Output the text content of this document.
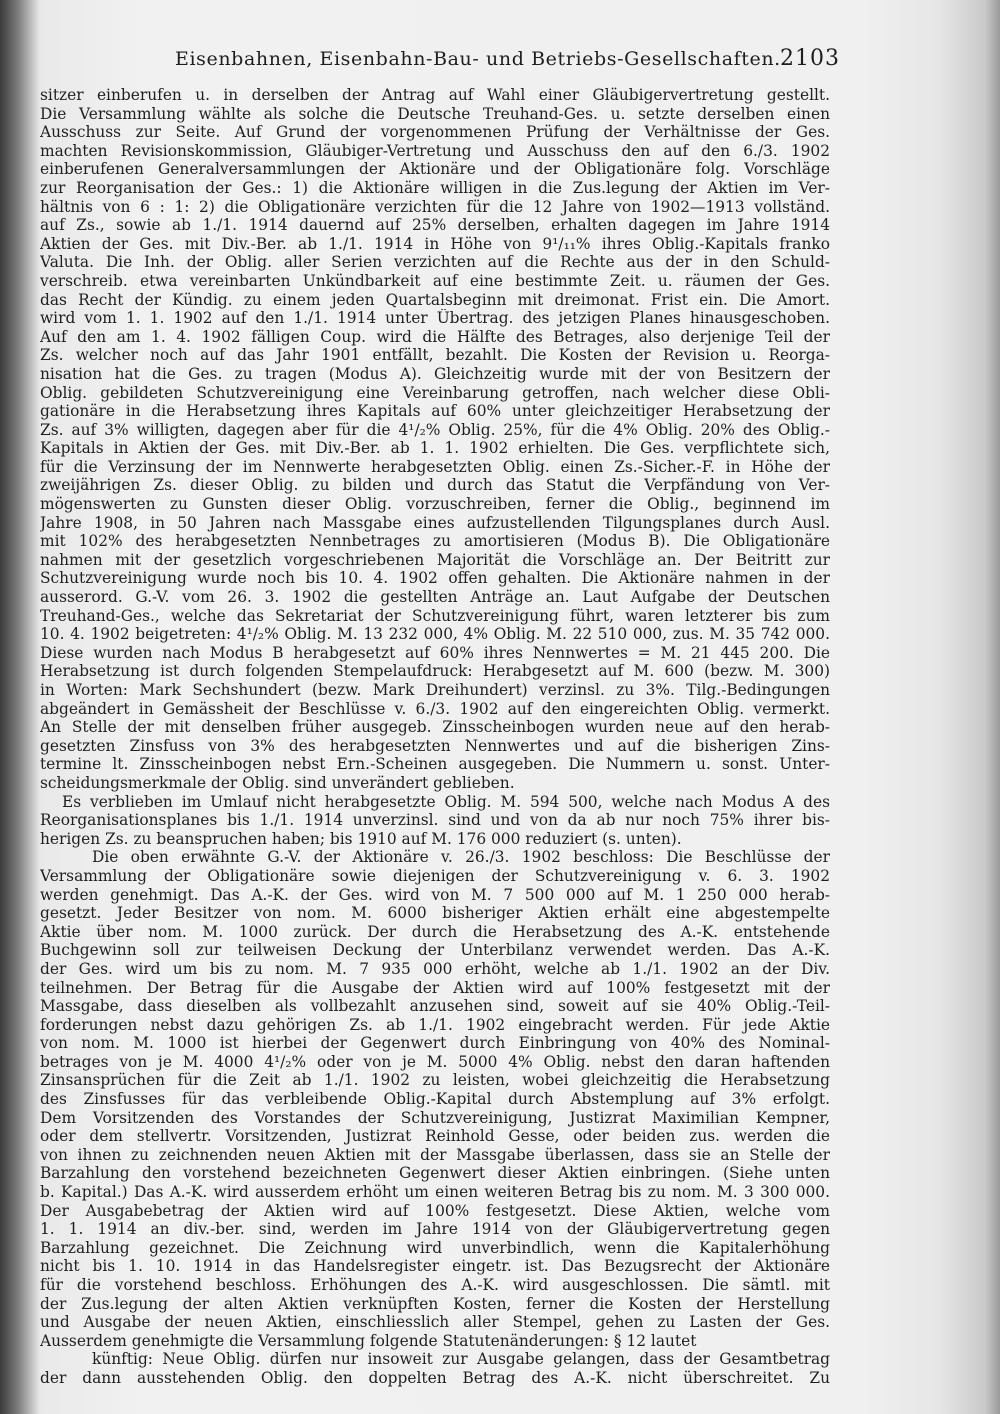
Eisenbahnen, Eisenbahn-Bau- und Betriebs-Gesellschaften. 2103
sitzer einberufen u. in derselben der Antrag auf Wahl einer Gläubigervertretung gestellt.
Die Versammlung wählte als solche die Deutsche Treuhand-Ges. u. setzte derselben einen
Ausschuss zur Seite. Auf Grund der vorgenommenen Prüfung der Verhältnisse der Ges.
machten Revisionskommission, Gläubiger-Vertretung und Ausschuss den auf den 6./3. 1902
einberufenen Generalversammlungen der Aktionäre und der Obligationäre folg. Vorschläge
zur Reorganisation der Ges.: 1) die Aktionäre willigen in die Zus.legung der Aktien im Ver-
hältnis von 6 : 1: 2) die Obligationäre verzichten für die 12 Jahre von 1902—1913 vollständ.
auf Zs., sowie ab 1./1. 1914 dauernd auf 25% derselben, erhalten dagegen im Jahre 1914
Aktien der Ges. mit Div.-Ber. ab 1./1. 1914 in Höhe von 9¹/₁₁% ihres Oblig.-Kapitals franko
Valuta. Die Inh. der Oblig. aller Serien verzichten auf die Rechte aus der in den Schuld-
verschreib. etwa vereinbarten Unkündbarkeit auf eine bestimmte Zeit. u. räumen der Ges.
das Recht der Kündig. zu einem jeden Quartalsbeginn mit dreimonat. Frist ein. Die Amort.
wird vom 1. 1. 1902 auf den 1./1. 1914 unter Übertrag. des jetzigen Planes hinausgeschoben.
Auf den am 1. 4. 1902 fälligen Coup. wird die Hälfte des Betrages, also derjenige Teil der
Zs. welcher noch auf das Jahr 1901 entfällt, bezahlt. Die Kosten der Revision u. Reorga-
nisation hat die Ges. zu tragen (Modus A). Gleichzeitig wurde mit der von Besitzern der
Oblig. gebildeten Schutzvereinigung eine Vereinbarung getroffen, nach welcher diese Obli-
gationäre in die Herabsetzung ihres Kapitals auf 60% unter gleichzeitiger Herabsetzung der
Zs. auf 3% willigten, dagegen aber für die 4¹/₂% Oblig. 25%, für die 4% Oblig. 20% des Oblig.-
Kapitals in Aktien der Ges. mit Div.-Ber. ab 1. 1. 1902 erhielten. Die Ges. verpflichtete sich,
für die Verzinsung der im Nennwerte herabgesetzten Oblig. einen Zs.-Sicher.-F. in Höhe der
zweijährigen Zs. dieser Oblig. zu bilden und durch das Statut die Verpfändung von Ver-
mögenswerten zu Gunsten dieser Oblig. vorzuschreiben, ferner die Oblig., beginnend im
Jahre 1908, in 50 Jahren nach Massgabe eines aufzustellenden Tilgungsplanes durch Ausl.
mit 102% des herabgesetzten Nennbetrages zu amortisieren (Modus B). Die Obligationäre
nahmen mit der gesetzlich vorgeschriebenen Majorität die Vorschläge an. Der Beitritt zur
Schutzvereinigung wurde noch bis 10. 4. 1902 offen gehalten. Die Aktionäre nahmen in der
ausserord. G.-V. vom 26. 3. 1902 die gestellten Anträge an. Laut Aufgabe der Deutschen
Treuhand-Ges., welche das Sekretariat der Schutzvereinigung führt, waren letzterer bis zum
10. 4. 1902 beigetreten: 4¹/₂% Oblig. M. 13 232 000, 4% Oblig. M. 22 510 000, zus. M. 35 742 000.
Diese wurden nach Modus B herabgesetzt auf 60% ihres Nennwertes = M. 21 445 200. Die
Herabsetzung ist durch folgenden Stempelaufdruck: Herabgesetzt auf M. 600 (bezw. M. 300)
in Worten: Mark Sechshundert (bezw. Mark Dreihundert) verzinsl. zu 3%. Tilg.-Bedingungen
abgeändert in Gemässheit der Beschlüsse v. 6./3. 1902 auf den eingereichten Oblig. vermerkt.
An Stelle der mit denselben früher ausgegeb. Zinsscheinbogen wurden neue auf den herab-
gesetzten Zinsfuss von 3% des herabgesetzten Nennwertes und auf die bisherigen Zins-
termine lt. Zinsscheinbogen nebst Ern.-Scheinen ausgegeben. Die Nummern u. sonst. Unter-
scheidungsmerkmale der Oblig. sind unverändert geblieben.
Es verblieben im Umlauf nicht herabgesetzte Oblig. M. 594 500, welche nach Modus A des
Reorganisationsplanes bis 1./1. 1914 unverzinsl. sind und von da ab nur noch 75% ihrer bis-
herigen Zs. zu beanspruchen haben; bis 1910 auf M. 176 000 reduziert (s. unten).
Die oben erwähnte G.-V. der Aktionäre v. 26./3. 1902 beschloss: Die Beschlüsse der
Versammlung der Obligationäre sowie diejenigen der Schutzvereinigung v. 6. 3. 1902
werden genehmigt. Das A.-K. der Ges. wird von M. 7 500 000 auf M. 1 250 000 herab-
gesetzt. Jeder Besitzer von nom. M. 6000 bisheriger Aktien erhält eine abgestempelte
Aktie über nom. M. 1000 zurück. Der durch die Herabsetzung des A.-K. entstehende
Buchgewinn soll zur teilweisen Deckung der Unterbilanz verwendet werden. Das A.-K.
der Ges. wird um bis zu nom. M. 7 935 000 erhöht, welche ab 1./1. 1902 an der Div.
teilnehmen. Der Betrag für die Ausgabe der Aktien wird auf 100% festgesetzt mit der
Massgabe, dass dieselben als vollbezahlt anzusehen sind, soweit auf sie 40% Oblig.-Teil-
forderungen nebst dazu gehörigen Zs. ab 1./1. 1902 eingebracht werden. Für jede Aktie
von nom. M. 1000 ist hierbei der Gegenwert durch Einbringung von 40% des Nominal-
betrages von je M. 4000 4¹/₂% oder von je M. 5000 4% Oblig. nebst den daran haftenden
Zinsansprüchen für die Zeit ab 1./1. 1902 zu leisten, wobei gleichzeitig die Herabsetzung
des Zinsfusses für das verbleibende Oblig.-Kapital durch Abstemplung auf 3% erfolgt.
Dem Vorsitzenden des Vorstandes der Schutzvereinigung, Justizrat Maximilian Kempner,
oder dem stellvertr. Vorsitzenden, Justizrat Reinhold Gesse, oder beiden zus. werden die
von ihnen zu zeichnenden neuen Aktien mit der Massgabe überlassen, dass sie an Stelle der
Barzahlung den vorstehend bezeichneten Gegenwert dieser Aktien einbringen. (Siehe unten
b. Kapital.) Das A.-K. wird ausserdem erhöht um einen weiteren Betrag bis zu nom. M. 3 300 000.
Der Ausgabebetrag der Aktien wird auf 100% festgesetzt. Diese Aktien, welche vom
1. 1. 1914 an div.-ber. sind, werden im Jahre 1914 von der Gläubigervertretung gegen
Barzahlung gezeichnet. Die Zeichnung wird unverbindlich, wenn die Kapitalerhöhung
nicht bis 1. 10. 1914 in das Handelsregister eingetr. ist. Das Bezugsrecht der Aktionäre
für die vorstehend beschloss. Erhöhungen des A.-K. wird ausgeschlossen. Die sämtl. mit
der Zus.legung der alten Aktien verknüpften Kosten, ferner die Kosten der Herstellung
und Ausgabe der neuen Aktien, einschliesslich aller Stempel, gehen zu Lasten der Ges.
Ausserdem genehmigte die Versammlung folgende Statutenänderungen: § 12 lautet
künftig: Neue Oblig. dürfen nur insoweit zur Ausgabe gelangen, dass der Gesamtbetrag
der dann ausstehenden Oblig. den doppelten Betrag des A.-K. nicht überschreitet. Zu
